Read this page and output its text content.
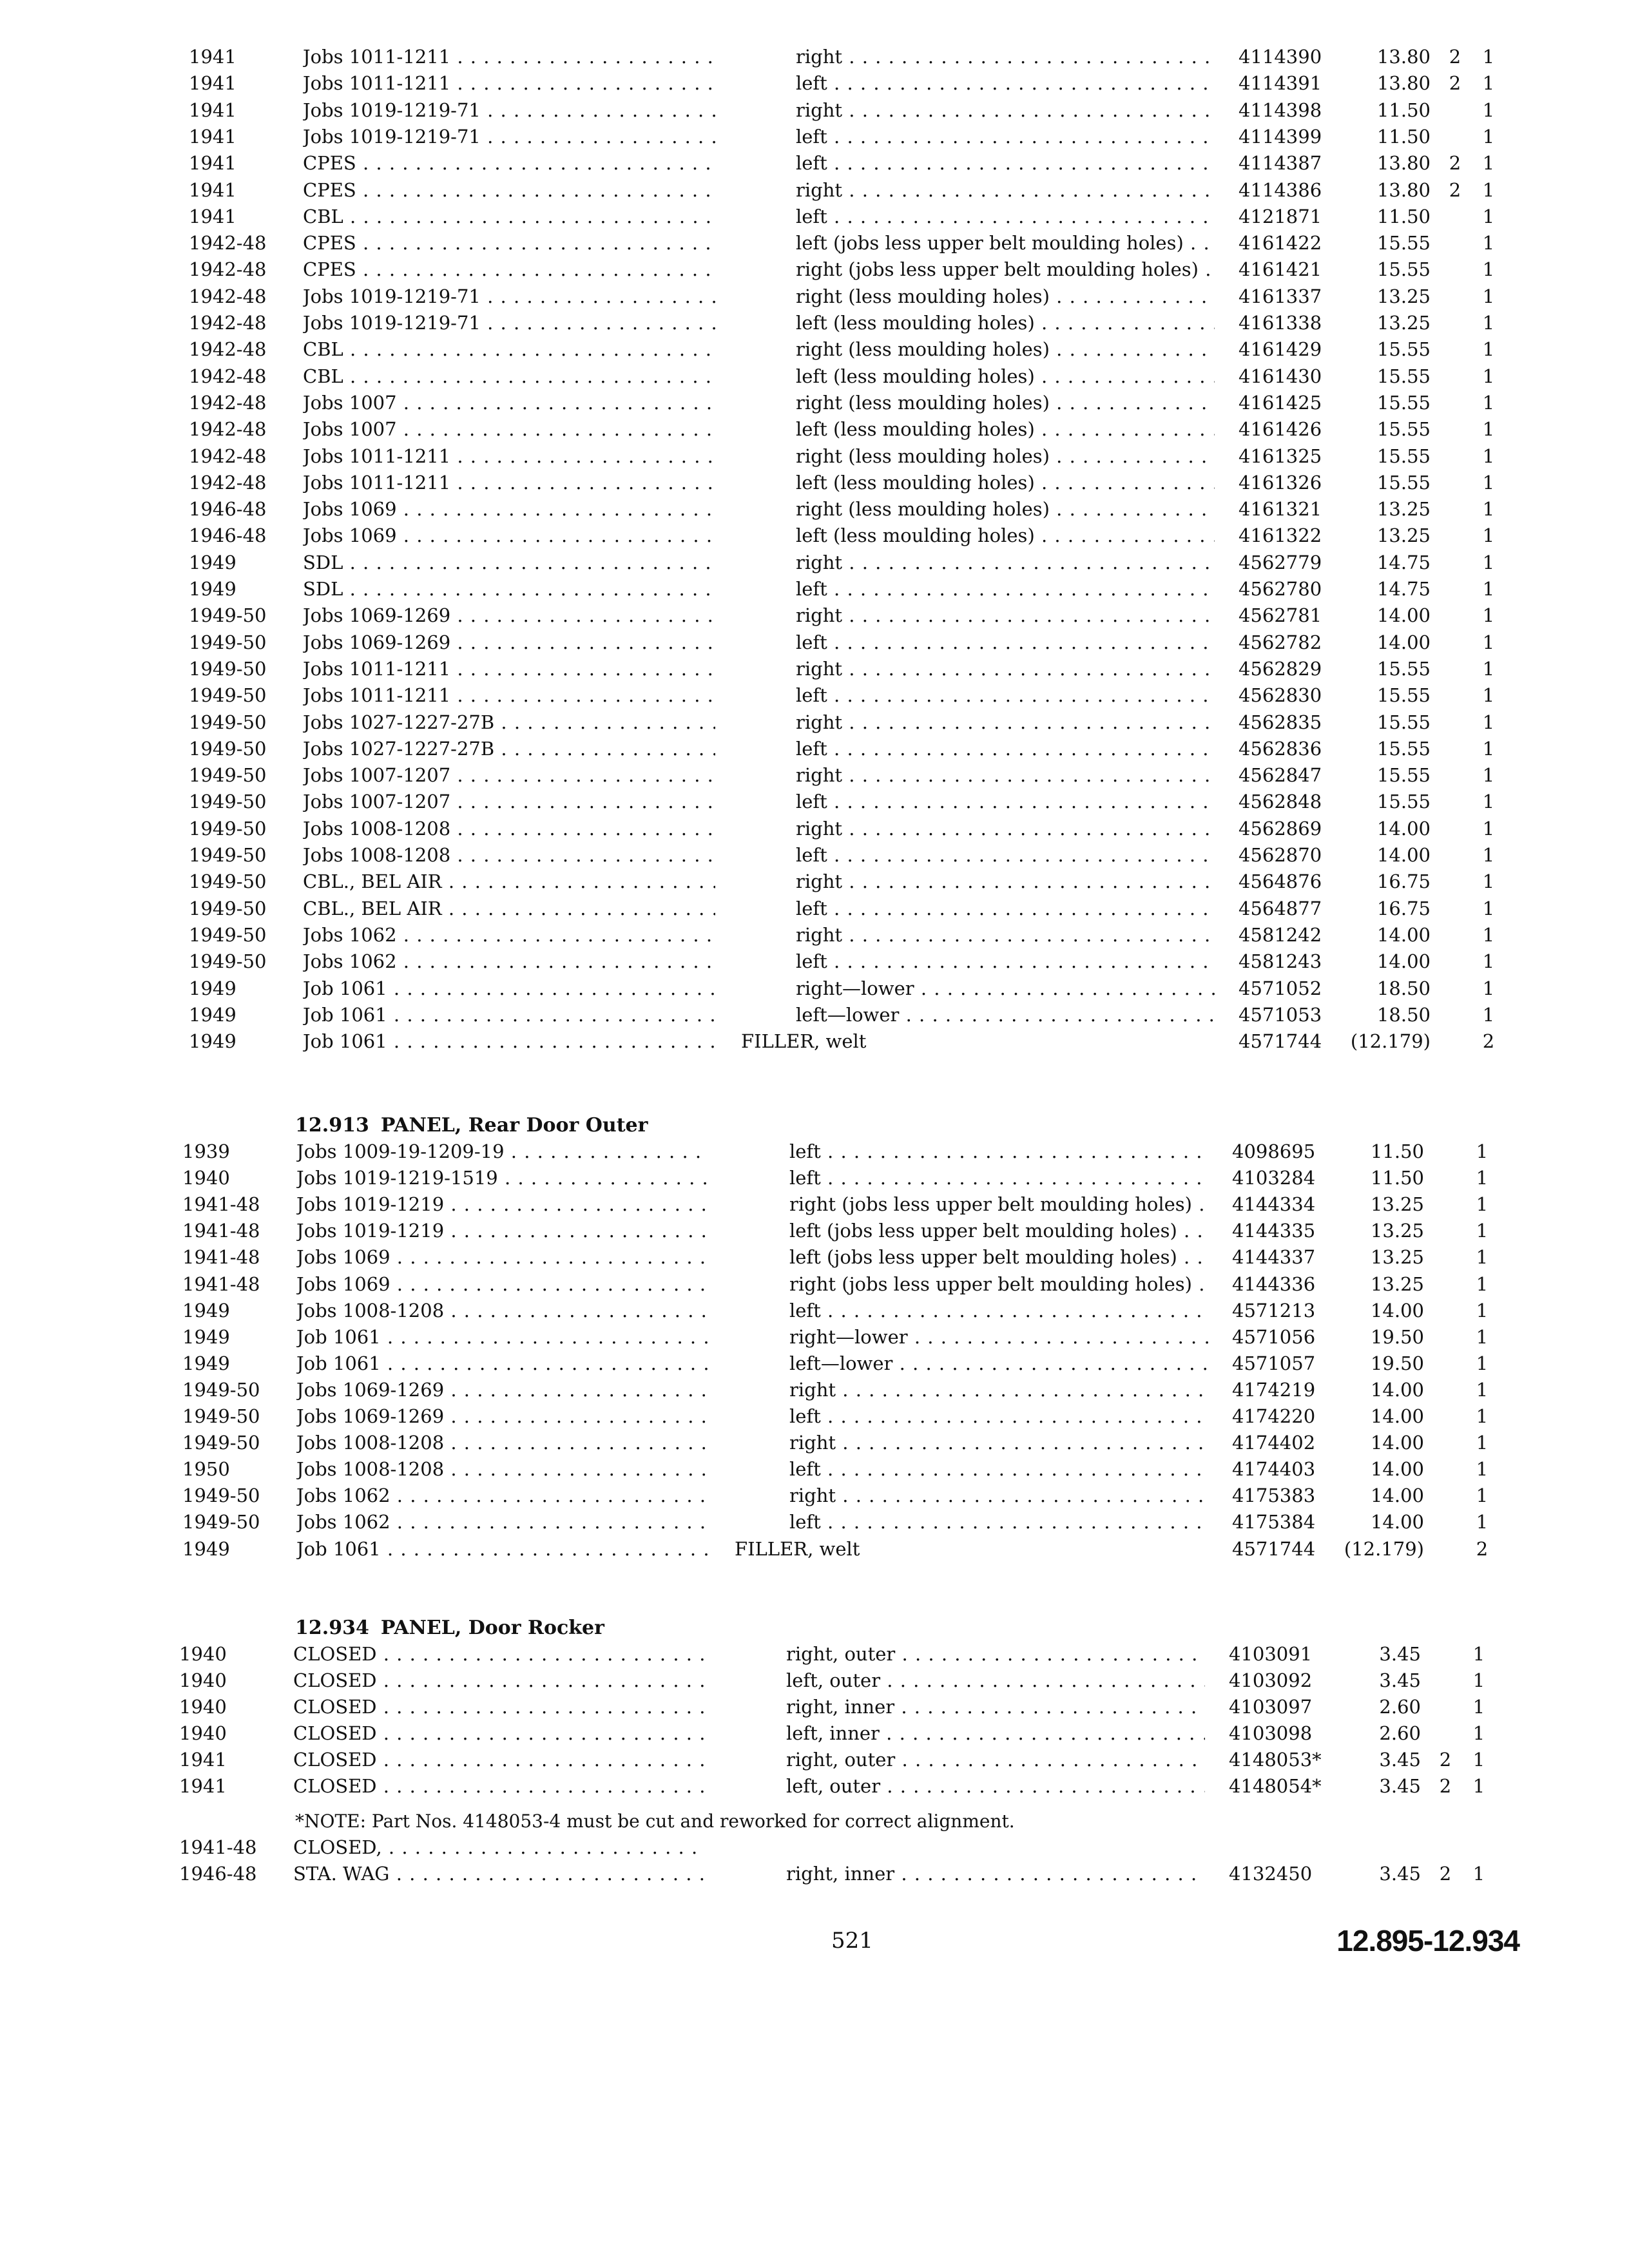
1941	Jobs 1011-1211 . . .	right . . .	4114390	13.80 2	1
1941	Jobs 1011-1211 . . .	left . . .	4114391	13.80 2	1
1941	Jobs 1019-1219-71 . . .	right . . .	4114398	11.50	1
1941	Jobs 1019-1219-71 . . .	left . . .	4114399	11.50	1
1941	CPES . . .	left . . .	4114387	13.80 2	1
1941	CPES . . .	right . . .	4114386	13.80 2	1
1941	CBL . . .	left . . .	4121871	11.50	1
1942-48	CPES . . .	left (jobs less upper belt moulding holes) . . .	4161422	15.55	1
1942-48	CPES . . .	right (jobs less upper belt moulding holes) . . .	4161421	15.55	1
1942-48	Jobs 1019-1219-71 . . .	right (less moulding holes) . . .	4161337	13.25	1
1942-48	Jobs 1019-1219-71 . . .	left (less moulding holes) . . .	4161338	13.25	1
1942-48	CBL . . .	right (less moulding holes) . . .	4161429	15.55	1
1942-48	CBL . . .	left (less moulding holes) . . .	4161430	15.55	1
1942-48	Jobs 1007 . . .	right (less moulding holes) . . .	4161425	15.55	1
1942-48	Jobs 1007 . . .	left (less moulding holes) . . .	4161426	15.55	1
1942-48	Jobs 1011-1211 . . .	right (less moulding holes) . . .	4161325	15.55	1
1942-48	Jobs 1011-1211 . . .	left (less moulding holes) . . .	4161326	15.55	1
1946-48	Jobs 1069 . . .	right (less moulding holes) . . .	4161321	13.25	1
1946-48	Jobs 1069 . . .	left (less moulding holes) . . .	4161322	13.25	1
1949	SDL . . .	right . . .	4562779	14.75	1
1949	SDL . . .	left . . .	4562780	14.75	1
1949-50	Jobs 1069-1269 . . .	right . . .	4562781	14.00	1
1949-50	Jobs 1069-1269 . . .	left . . .	4562782	14.00	1
1949-50	Jobs 1011-1211 . . .	right . . .	4562829	15.55	1
1949-50	Jobs 1011-1211 . . .	left . . .	4562830	15.55	1
1949-50	Jobs 1027-1227-27B . . .	right . . .	4562835	15.55	1
1949-50	Jobs 1027-1227-27B . . .	left . . .	4562836	15.55	1
1949-50	Jobs 1007-1207 . . .	right . . .	4562847	15.55	1
1949-50	Jobs 1007-1207 . . .	left . . .	4562848	15.55	1
1949-50	Jobs 1008-1208 . . .	right . . .	4562869	14.00	1
1949-50	Jobs 1008-1208 . . .	left . . .	4562870	14.00	1
1949-50	CBL., BEL AIR . . .	right . . .	4564876	16.75	1
1949-50	CBL., BEL AIR . . .	left . . .	4564877	16.75	1
1949-50	Jobs 1062 . . .	right . . .	4581242	14.00	1
1949-50	Jobs 1062 . . .	left . . .	4581243	14.00	1
1949	Job 1061 . . .	right—lower . . .	4571052	18.50	1
1949	Job 1061 . . .	left—lower . . .	4571053	18.50	1
1949	Job 1061 . . .	FILLER, welt	4571744	(12.179)	2
12.913 PANEL, Rear Door Outer
1939	Jobs 1009-19-1209-19 . . .	left . . .	4098695	11.50	1
1940	Jobs 1019-1219-1519 . . .	left . . .	4103284	11.50	1
1941-48	Jobs 1019-1219 . . .	right (jobs less upper belt moulding holes) . . .	4144334	13.25	1
1941-48	Jobs 1019-1219 . . .	left (jobs less upper belt moulding holes) . . .	4144335	13.25	1
1941-48	Jobs 1069 . . .	left (jobs less upper belt moulding holes) . . .	4144337	13.25	1
1941-48	Jobs 1069 . . .	right (jobs less upper belt moulding holes) . . .	4144336	13.25	1
1949	Jobs 1008-1208 . . .	left . . .	4571213	14.00	1
1949	Job 1061 . . .	right—lower . . .	4571056	19.50	1
1949	Job 1061 . . .	left—lower . . .	4571057	19.50	1
1949-50	Jobs 1069-1269 . . .	right . . .	4174219	14.00	1
1949-50	Jobs 1069-1269 . . .	left . . .	4174220	14.00	1
1949-50	Jobs 1008-1208 . . .	right . . .	4174402	14.00	1
1950	Jobs 1008-1208 . . .	left . . .	4174403	14.00	1
1949-50	Jobs 1062 . . .	right . . .	4175383	14.00	1
1949-50	Jobs 1062 . . .	left . . .	4175384	14.00	1
1949	Job 1061 . . .	FILLER, welt	4571744	(12.179)	2
12.934 PANEL, Door Rocker
*NOTE: Part Nos. 4148053-4 must be cut and reworked for correct alignment.
1940	CLOSED . . .	right, outer . . .	4103091	3.45	1
1940	CLOSED . . .	left, outer . . .	4103092	3.45	1
1940	CLOSED . . .	right, inner . . .	4103097	2.60	1
1940	CLOSED . . .	left, inner . . .	4103098	2.60	1
1941	CLOSED . . .	right, outer . . .	4148053*	3.45 2	1
1941	CLOSED . . .	left, outer . . .	4148054*	3.45 2	1
1941-48	CLOSED, . . .
1946-48	STA. WAG . . .	right, inner . . .	4132450	3.45 2	1
521	12.895-12.934
